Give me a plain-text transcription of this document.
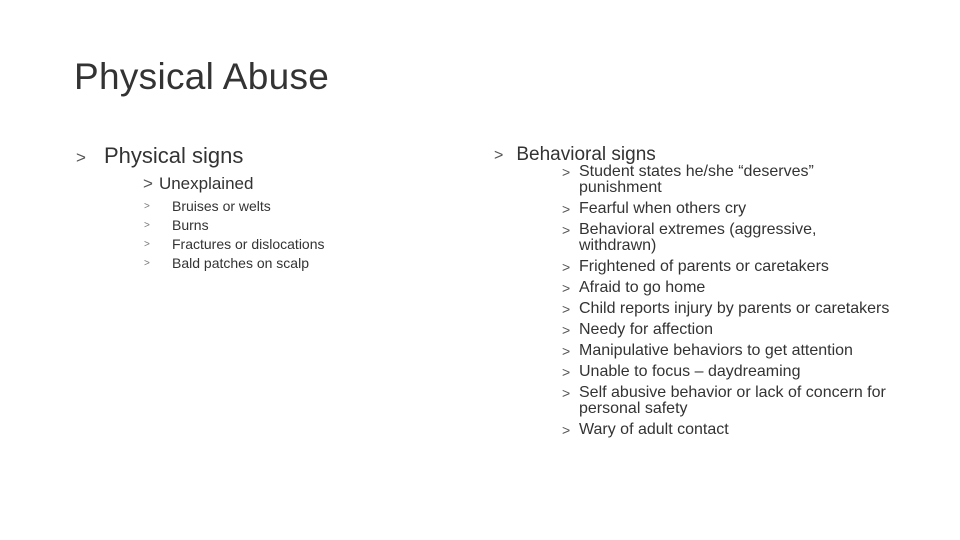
Physical Abuse
> Physical signs
> Unexplained
>	Bruises or welts
>	Burns
>	Fractures or dislocations
>	Bald patches on scalp
> Behavioral signs
> Student states he/she “deserves” punishment
> Fearful when others cry
> Behavioral extremes (aggressive, withdrawn)
> Frightened of parents or caretakers
> Afraid to go home
> Child reports injury by parents or caretakers
> Needy for affection
> Manipulative behaviors to get attention
> Unable to focus – daydreaming
> Self abusive behavior or lack of concern for personal safety
> Wary of adult contact
